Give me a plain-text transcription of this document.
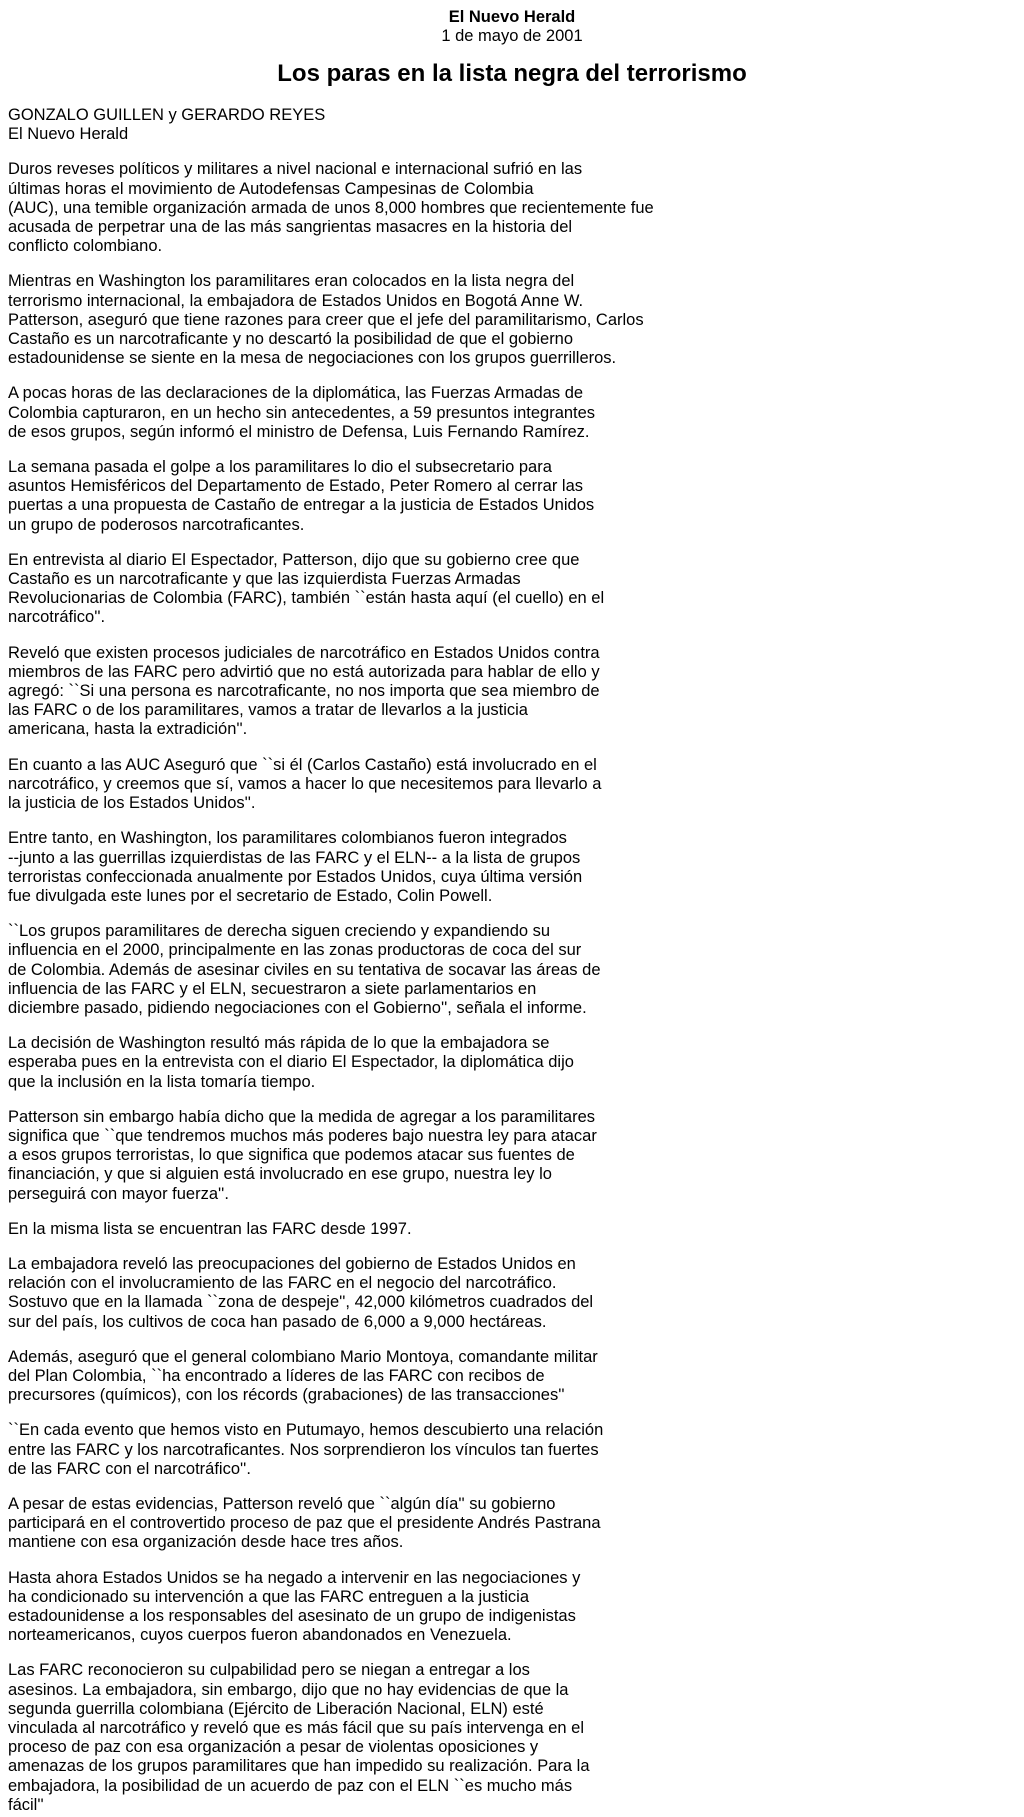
El Nuevo Herald
1 de mayo de 2001
Los paras en la lista negra del terrorismo
GONZALO GUILLEN y GERARDO REYES
El Nuevo Herald

Duros reveses políticos y militares a nivel nacional e internacional sufrió en las
últimas horas el movimiento de Autodefensas Campesinas de Colombia
(AUC), una temible organización armada de unos 8,000 hombres que recientemente fue
acusada de perpetrar una de las más sangrientas masacres en la historia del
conflicto colombiano.

Mientras en Washington los paramilitares eran colocados en la lista negra del
terrorismo internacional, la embajadora de Estados Unidos en Bogotá Anne W.
Patterson, aseguró que tiene razones para creer que el jefe del paramilitarismo, Carlos
Castaño es un narcotraficante y no descartó la posibilidad de que el gobierno
estadounidense se siente en la mesa de negociaciones con los grupos guerrilleros.

A pocas horas de las declaraciones de la diplomática, las Fuerzas Armadas de
Colombia capturaron, en un hecho sin antecedentes, a 59 presuntos integrantes
de esos grupos, según informó el ministro de Defensa, Luis Fernando Ramírez.

La semana pasada el golpe a los paramilitares lo dio el subsecretario para
asuntos Hemisféricos del Departamento de Estado, Peter Romero al cerrar las
puertas a una propuesta de Castaño de entregar a la justicia de Estados Unidos
un grupo de poderosos narcotraficantes.

En entrevista al diario El Espectador, Patterson, dijo que su gobierno cree que
Castaño es un narcotraficante y que las izquierdista Fuerzas Armadas
Revolucionarias de Colombia (FARC), también ``están hasta aquí (el cuello) en el
narcotráfico''.

Reveló que existen procesos judiciales de narcotráfico en Estados Unidos contra
miembros de las FARC pero advirtió que no está autorizada para hablar de ello y
agregó: ``Si una persona es narcotraficante, no nos importa que sea miembro de
las FARC o de los paramilitares, vamos a tratar de llevarlos a la justicia
americana, hasta la extradición''.

En cuanto a las AUC Aseguró que ``si él (Carlos Castaño) está involucrado en el
narcotráfico, y creemos que sí, vamos a hacer lo que necesitemos para llevarlo a
la justicia de los Estados Unidos''.

Entre tanto, en Washington, los paramilitares colombianos fueron integrados
--junto a las guerrillas izquierdistas de las FARC y el ELN-- a la lista de grupos
terroristas confeccionada anualmente por Estados Unidos, cuya última versión
fue divulgada este lunes por el secretario de Estado, Colin Powell.

``Los grupos paramilitares de derecha siguen creciendo y expandiendo su
influencia en el 2000, principalmente en las zonas productoras de coca del sur
de Colombia. Además de asesinar civiles en su tentativa de socavar las áreas de
influencia de las FARC y el ELN, secuestraron a siete parlamentarios en
diciembre pasado, pidiendo negociaciones con el Gobierno'', señala el informe.

La decisión de Washington resultó más rápida de lo que la embajadora se
esperaba pues en la entrevista con el diario El Espectador, la diplomática dijo
que la inclusión en la lista tomaría tiempo.

Patterson sin embargo había dicho que la medida de agregar a los paramilitares
significa que ``que tendremos muchos más poderes bajo nuestra ley para atacar
a esos grupos terroristas, lo que significa que podemos atacar sus fuentes de
financiación, y que si alguien está involucrado en ese grupo, nuestra ley lo
perseguirá con mayor fuerza''.

En la misma lista se encuentran las FARC desde 1997.

La embajadora reveló las preocupaciones del gobierno de Estados Unidos en
relación con el involucramiento de las FARC en el negocio del narcotráfico.
Sostuvo que en la llamada ``zona de despeje'', 42,000 kilómetros cuadrados del
sur del país, los cultivos de coca han pasado de 6,000 a 9,000 hectáreas.

Además, aseguró que el general colombiano Mario Montoya, comandante militar
del Plan Colombia, ``ha encontrado a líderes de las FARC con recibos de
precursores (químicos), con los récords (grabaciones) de las transacciones''

``En cada evento que hemos visto en Putumayo, hemos descubierto una relación
entre las FARC y los narcotraficantes. Nos sorprendieron los vínculos tan fuertes
de las FARC con el narcotráfico''.

A pesar de estas evidencias, Patterson reveló que ``algún día'' su gobierno
participará en el controvertido proceso de paz que el presidente Andrés Pastrana
mantiene con esa organización desde hace tres años.

Hasta ahora Estados Unidos se ha negado a intervenir en las negociaciones y
ha condicionado su intervención a que las FARC entreguen a la justicia
estadounidense a los responsables del asesinato de un grupo de indigenistas
norteamericanos, cuyos cuerpos fueron abandonados en Venezuela.

Las FARC reconocieron su culpabilidad pero se niegan a entregar a los
asesinos. La embajadora, sin embargo, dijo que no hay evidencias de que la
segunda guerrilla colombiana (Ejército de Liberación Nacional, ELN) esté
vinculada al narcotráfico y reveló que es más fácil que su país intervenga en el
proceso de paz con esa organización a pesar de violentas oposiciones y
amenazas de los grupos paramilitares que han impedido su realización. Para la
embajadora, la posibilidad de un acuerdo de paz con el ELN ``es mucho más
fácil''
